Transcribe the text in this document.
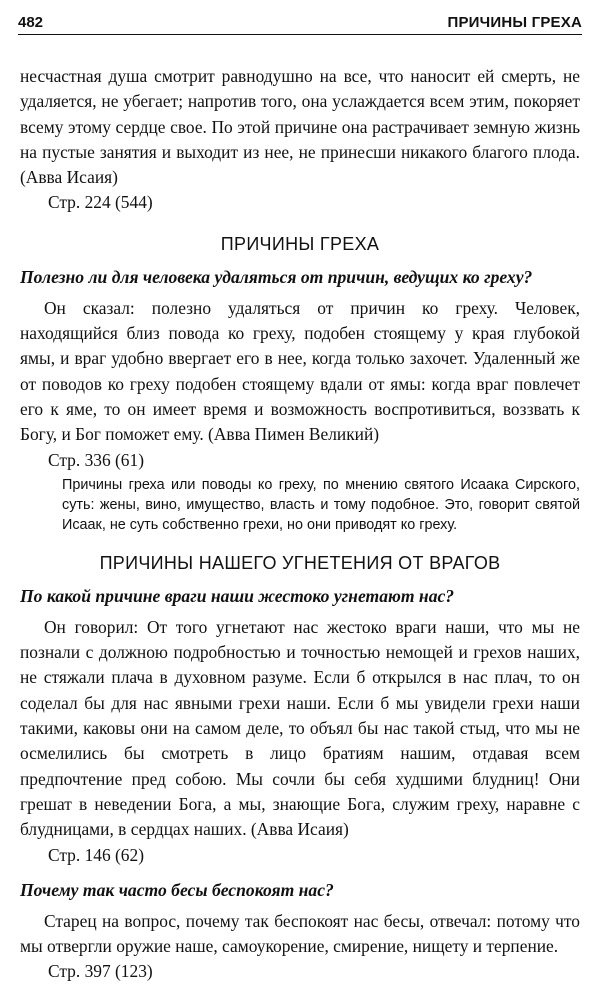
482	ПРИЧИНЫ ГРЕХА

несчастная душа смотрит равнодушно на все, что наносит ей смерть, не удаляется, не убегает; напротив того, она услаждается всем этим, покоряет всему этому сердце свое. По этой причине она растрачивает земную жизнь на пустые занятия и выходит из нее, не принесши никакого благого плода. (Авва Исаия)

Стр. 224 (544)

ПРИЧИНЫ ГРЕХА
Полезно ли для человека удаляться от причин, ведущих ко греху?

Он сказал: полезно удаляться от причин ко греху. Человек, находящийся близ повода ко греху, подобен стоящему у края глубокой ямы, и враг удобно ввергает его в нее, когда только захочет. Удаленный же от поводов ко греху подобен стоящему вдали от ямы: когда враг повлечет его к яме, то он имеет время и возможность воспротивиться, воззвать к Богу, и Бог поможет ему. (Авва Пимен Великий)

Стр. 336 (61)

Причины греха или поводы ко греху, по мнению святого Исаака Сирского, суть: жены, вино, имущество, власть и тому подобное. Это, говорит святой Исаак, не суть собственно грехи, но они приводят ко греху.

ПРИЧИНЫ НАШЕГО УГНЕТЕНИЯ ОТ ВРАГОВ
По какой причине враги наши жестоко угнетают нас?

Он говорил: От того угнетают нас жестоко враги наши, что мы не познали с должною подробностью и точностью немощей и грехов наших, не стяжали плача в духовном разуме. Если б открылся в нас плач, то он соделал бы для нас явными грехи наши. Если б мы увидели грехи наши такими, каковы они на самом деле, то объял бы нас такой стыд, что мы не осмелились бы смотреть в лицо братиям нашим, отдавая всем предпочтение пред собою. Мы сочли бы себя худшими блудниц! Они грешат в неведении Бога, а мы, знающие Бога, служим греху, наравне с блудницами, в сердцах наших. (Авва Исаия)

Стр. 146 (62)

Почему так часто бесы беспокоят нас?

Старец на вопрос, почему так беспокоят нас бесы, отвечал: потому что мы отвергли оружие наше, самоукорение, смирение, нищету и терпение.

Стр. 397 (123)
